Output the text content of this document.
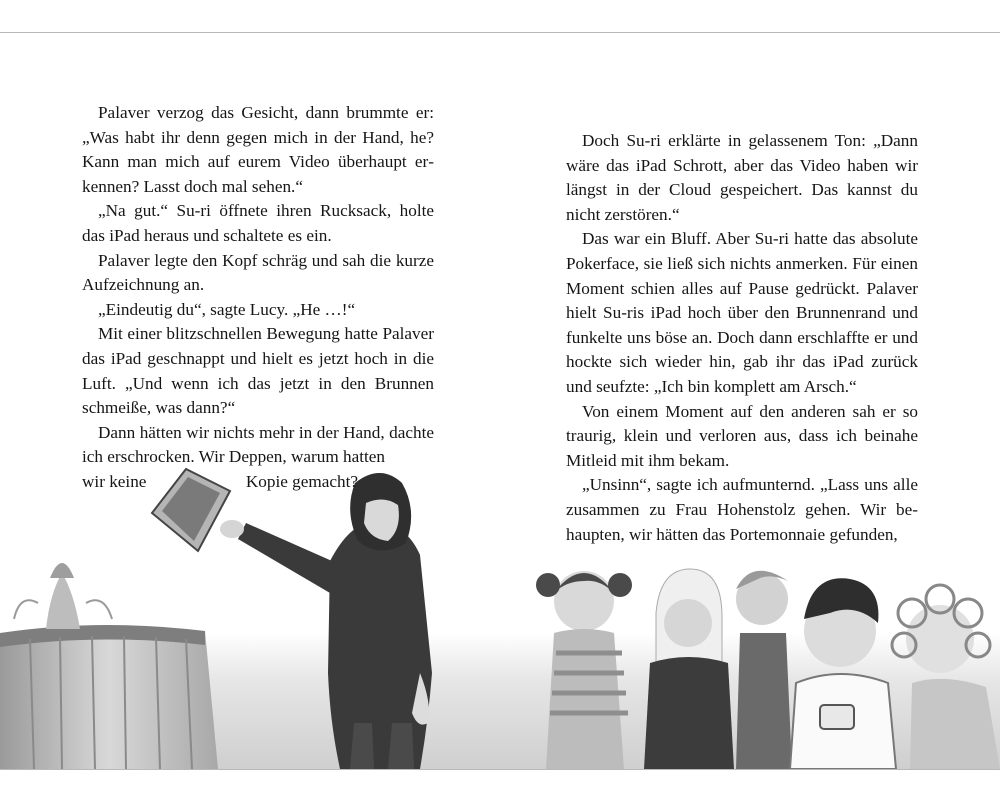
Palaver verzog das Gesicht, dann brummte er: „Was habt ihr denn gegen mich in der Hand, he? Kann man mich auf eurem Video überhaupt erkennen? Lasst doch mal sehen.“

„Na gut.“ Su-ri öffnete ihren Rucksack, holte das iPad heraus und schaltete es ein.

Palaver legte den Kopf schräg und sah die kurze Aufzeichnung an.

„Eindeutig du“, sagte Lucy. „He …!“

Mit einer blitzschnellen Bewegung hatte Palaver das iPad geschnappt und hielt es jetzt hoch in die Luft. „Und wenn ich das jetzt in den Brunnen schmeiße, was dann?“

Dann hätten wir nichts mehr in der Hand, dachte ich erschrocken. Wir Deppen, warum hatten

wir keine	Kopie gemacht?

Doch Su-ri erklärte in gelassenem Ton: „Dann wäre das iPad Schrott, aber das Video haben wir längst in der Cloud gespeichert. Das kannst du nicht zerstören.“

Das war ein Bluff. Aber Su-ri hatte das absolute Pokerface, sie ließ sich nichts anmerken. Für einen Moment schien alles auf Pause gedrückt. Palaver hielt Su-ris iPad hoch über den Brunnenrand und funkelte uns böse an. Doch dann erschlaffte er und hockte sich wieder hin, gab ihr das iPad zurück und seufzte: „Ich bin komplett am Arsch.“

Von einem Moment auf den anderen sah er so traurig, klein und verloren aus, dass ich beinahe Mitleid mit ihm bekam.

„Unsinn“, sagte ich aufmunternd. „Lass uns alle zusammen zu Frau Hohenstolz gehen. Wir behaupten, wir hätten das Portemonnaie gefunden,
